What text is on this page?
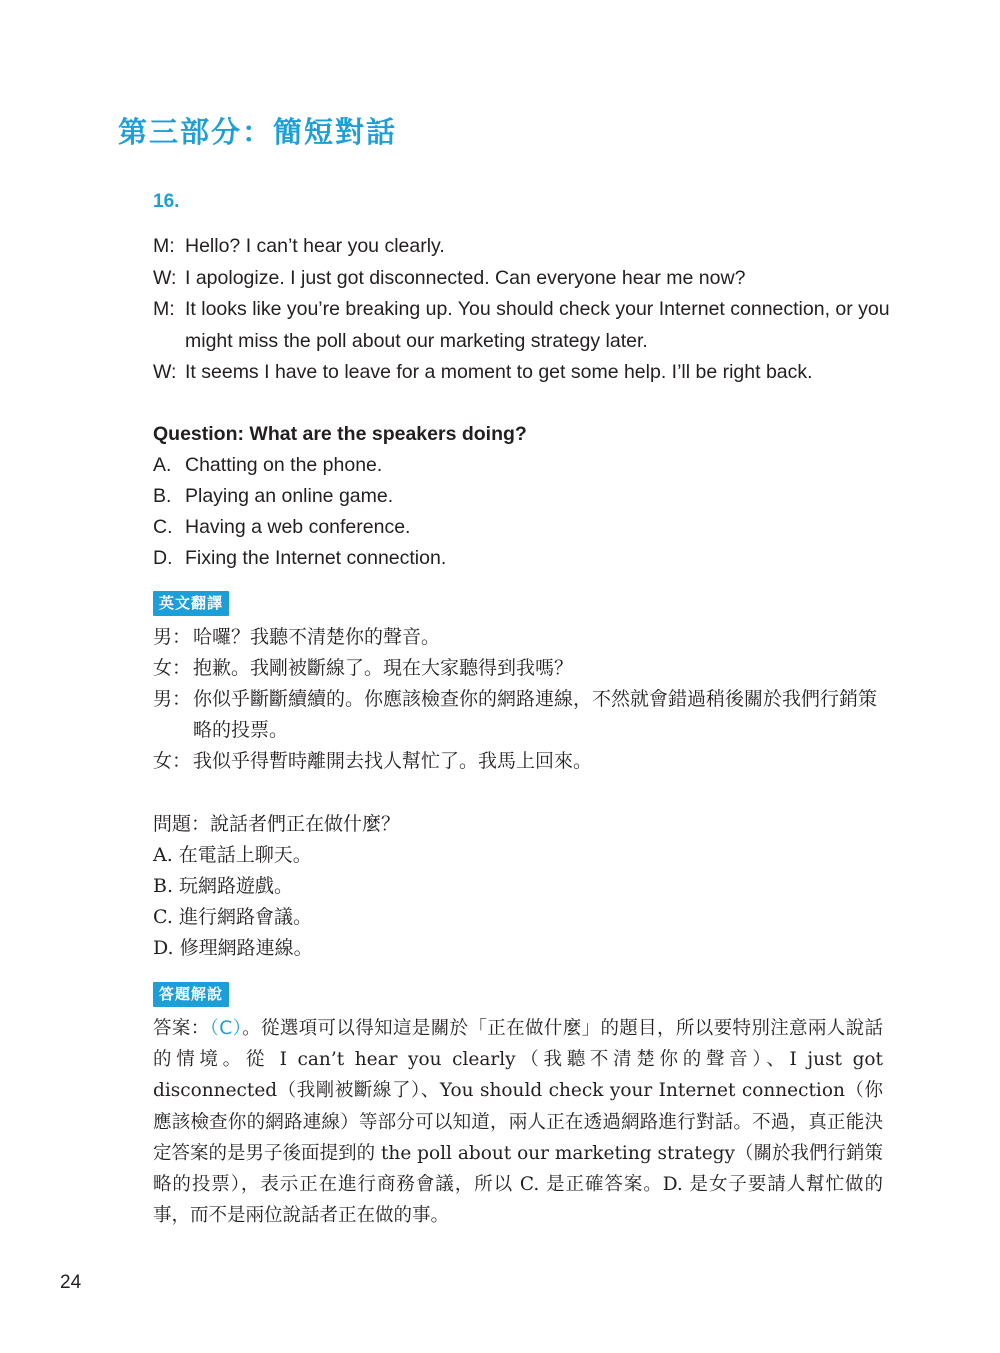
第三部分：簡短對話
16.
M: Hello? I can’t hear you clearly.
W: I apologize. I just got disconnected. Can everyone hear me now?
M: It looks like you’re breaking up. You should check your Internet connection, or you might miss the poll about our marketing strategy later.
W: It seems I have to leave for a moment to get some help. I’ll be right back.
Question: What are the speakers doing?
A. Chatting on the phone.
B. Playing an online game.
C. Having a web conference.
D. Fixing the Internet connection.
英文翻譯
男： 哈囉？我聽不清楚你的聲音。
女： 抱歉。我剛被斷線了。現在大家聽得到我嗎？
男： 你似乎斷斷續續的。你應該檢查你的網路連線，不然就會錯過稍後關於我們行銷策略的投票。
女： 我似乎得暫時離開去找人幫忙了。我馬上回來。
問題：說話者們正在做什麼？
A. 在電話上聊天。
B. 玩網路遊戲。
C. 進行網路會議。
D. 修理網路連線。
答題解說

答案：（C）。從選項可以得知這是關於「正在做什麼」的題目，所以要特別注意兩人說話的情境。從 I can’t hear you clearly（我聽不清楚你的聲音）、I just got disconnected（我剛被斷線了）、You should check your Internet connection（你應該檢查你的網路連線）等部分可以知道，兩人正在透過網路進行對話。不過，真正能決定答案的是男子後面提到的 the poll about our marketing strategy（關於我們行銷策略的投票），表示正在進行商務會議，所以 C. 是正確答案。D. 是女子要請人幫忙做的事，而不是兩位說話者正在做的事。

24
